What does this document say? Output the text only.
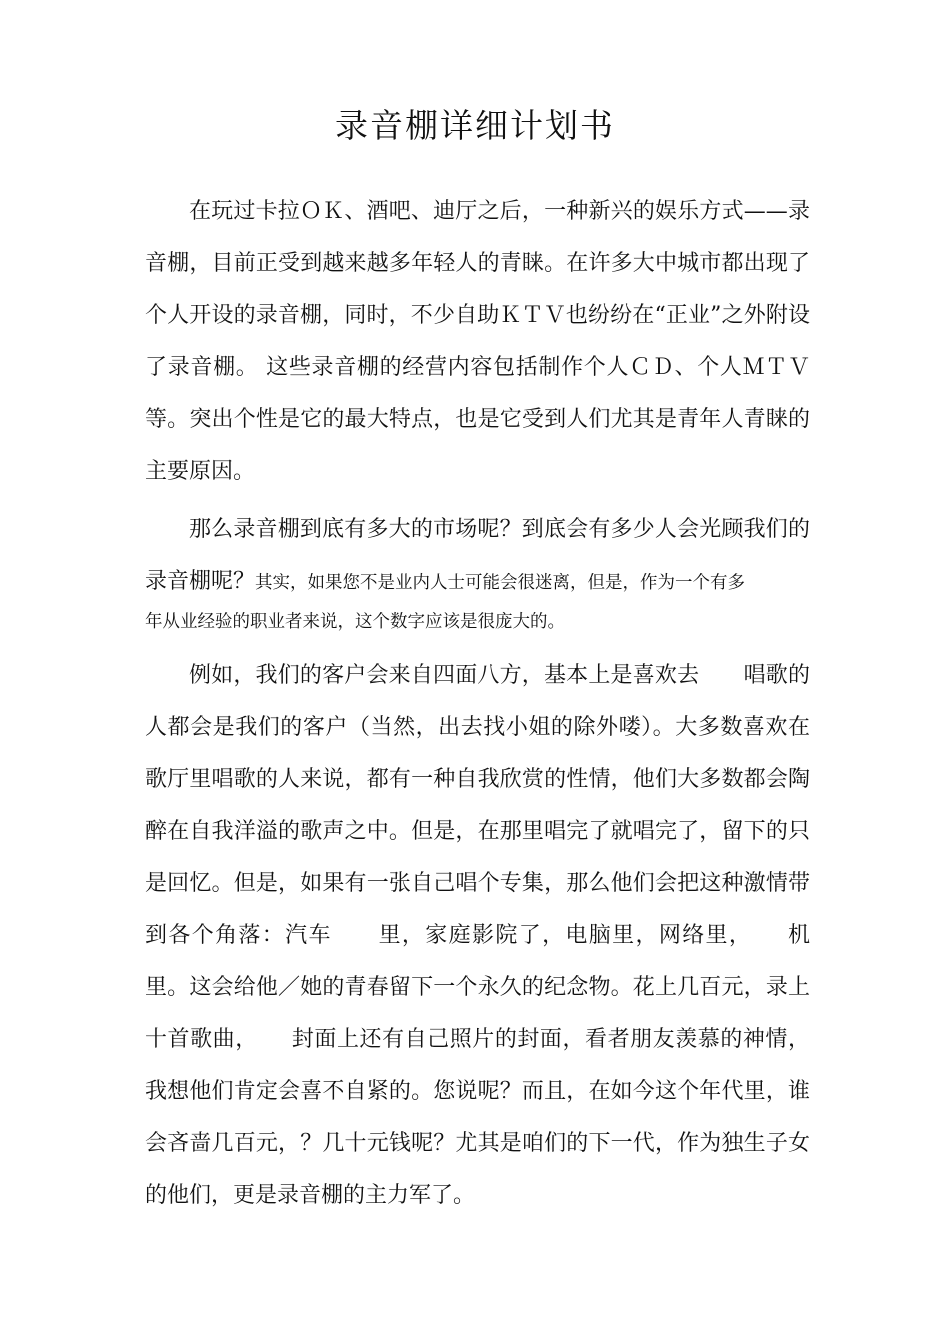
录音棚详细计划书

在玩过卡拉ＯＫ、酒吧、迪厅之后，一种新兴的娱乐方式——录音棚，目前正受到越来越多年轻人的青睐。在许多大中城市都出现了个人开设的录音棚，同时，不少自助ＫＴＶ也纷纷在“正业”之外附设了录音棚。 这些录音棚的经营内容包括制作个人ＣＤ、个人ＭＴＶ等。突出个性是它的最大特点，也是它受到人们尤其是青年人青睐的主要原因。

那么录音棚到底有多大的市场呢？到底会有多少人会光顾我们的录音棚呢？其实，如果您不是业内人士可能会很迷离，但是，作为一个有多
年从业经验的职业者来说，这个数字应该是很庞大的。

例如，我们的客户会来自四面八方，基本上是喜欢去　　唱歌的人都会是我们的客户（当然，出去找小姐的除外喽）。大多数喜欢在歌厅里唱歌的人来说，都有一种自我欣赏的性情，他们大多数都会陶醉在自我洋溢的歌声之中。但是，在那里唱完了就唱完了，留下的只是回忆。但是，如果有一张自己唱个专集，那么他们会把这种激情带到各个角落：汽车　　里，家庭影院了，电脑里，网络里，　　机里。这会给他／她的青春留下一个永久的纪念物。花上几百元，录上十首歌曲，　　封面上还有自己照片的封面，看者朋友羡慕的神情，我想他们肯定会喜不自紧的。您说呢？而且，在如今这个年代里，谁会吝啬几百元，？几十元钱呢？尤其是咱们的下一代，作为独生子女的他们，更是录音棚的主力军了。
